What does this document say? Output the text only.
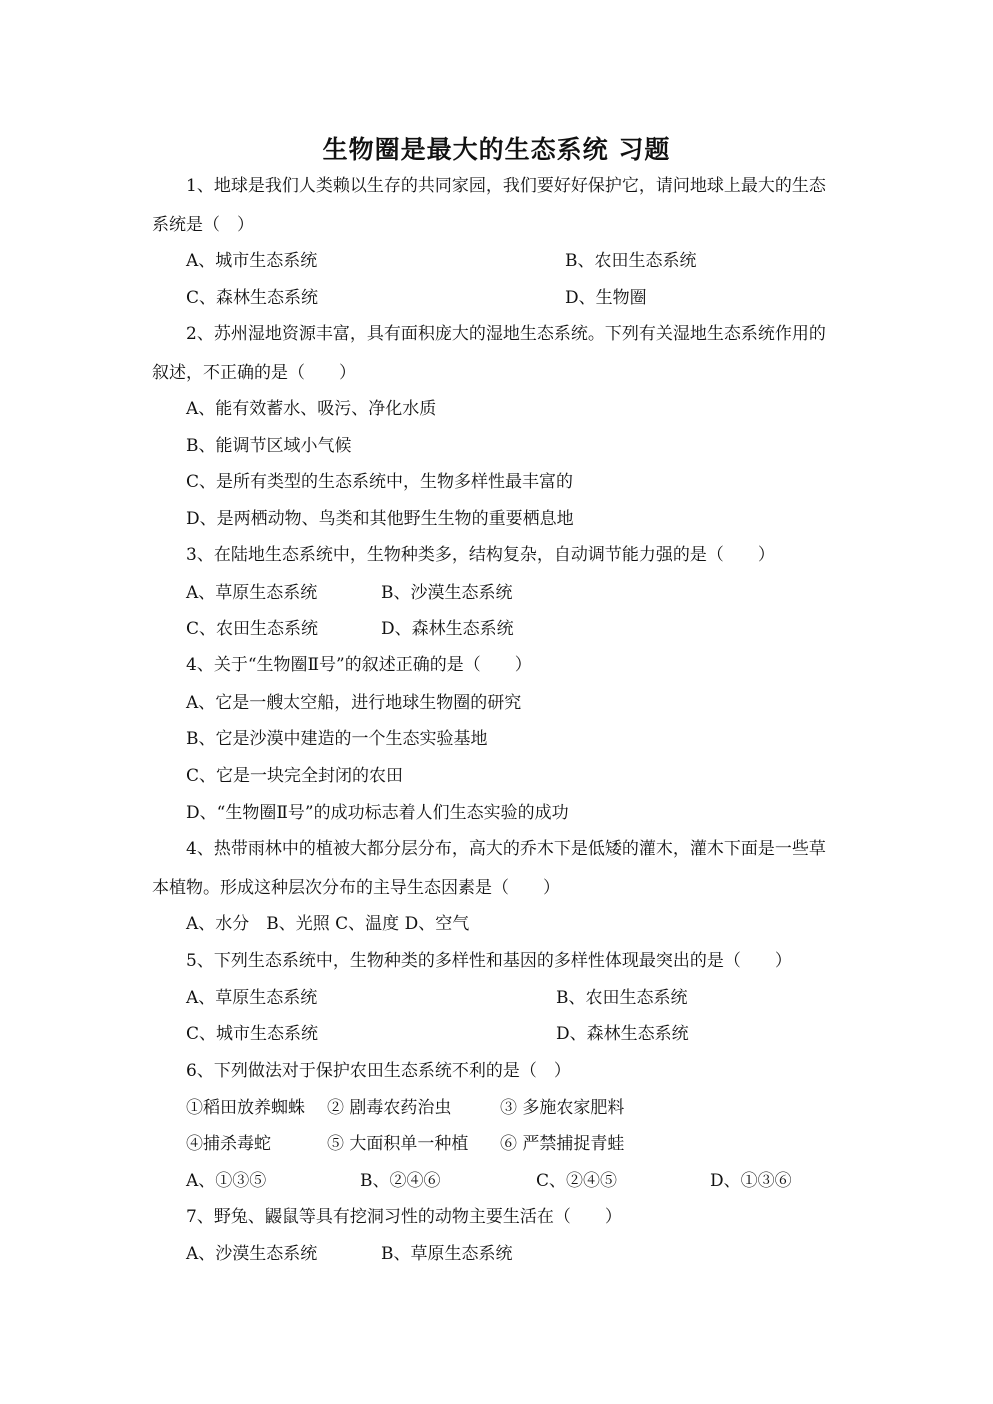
生物圈是最大的生态系统 习题
1、地球是我们人类赖以生存的共同家园，我们要好好保护它，请问地球上最大的生态
系统是（　）
A、城市生态系统	B、农田生态系统
C、森林生态系统	D、生物圈
2、苏州湿地资源丰富，具有面积庞大的湿地生态系统。下列有关湿地生态系统作用的
叙述，不正确的是（　　）
A、能有效蓄水、吸污、净化水质
B、能调节区域小气候
C、是所有类型的生态系统中，生物多样性最丰富的
D、是两栖动物、鸟类和其他野生生物的重要栖息地
3、在陆地生态系统中，生物种类多，结构复杂，自动调节能力强的是（　　）
A、草原生态系统	B、沙漠生态系统
C、农田生态系统	D、森林生态系统
4、关于“生物圈Ⅱ号”的叙述正确的是（　　）
A、它是一艘太空船，进行地球生物圈的研究
B、它是沙漠中建造的一个生态实验基地
C、它是一块完全封闭的农田
D、“生物圈Ⅱ号”的成功标志着人们生态实验的成功
4、热带雨林中的植被大都分层分布，高大的乔木下是低矮的灌木，灌木下面是一些草
本植物。形成这种层次分布的主导生态因素是（　　）
A、水分　B、光照 C、温度 D、空气
5、下列生态系统中，生物种类的多样性和基因的多样性体现最突出的是（　　）
A、草原生态系统	B、农田生态系统
C、城市生态系统	D、森林生态系统
6、下列做法对于保护农田生态系统不利的是（　）
①稻田放养蜘蛛 ② 剧毒农药治虫	③ 多施农家肥料
④捕杀毒蛇	⑤ 大面积单一种植 ⑥ 严禁捕捉青蛙
A、①③⑤	B、②④⑥	C、②④⑤	D、①③⑥
7、野兔、鼹鼠等具有挖洞习性的动物主要生活在（　　）
A、沙漠生态系统	B、草原生态系统
